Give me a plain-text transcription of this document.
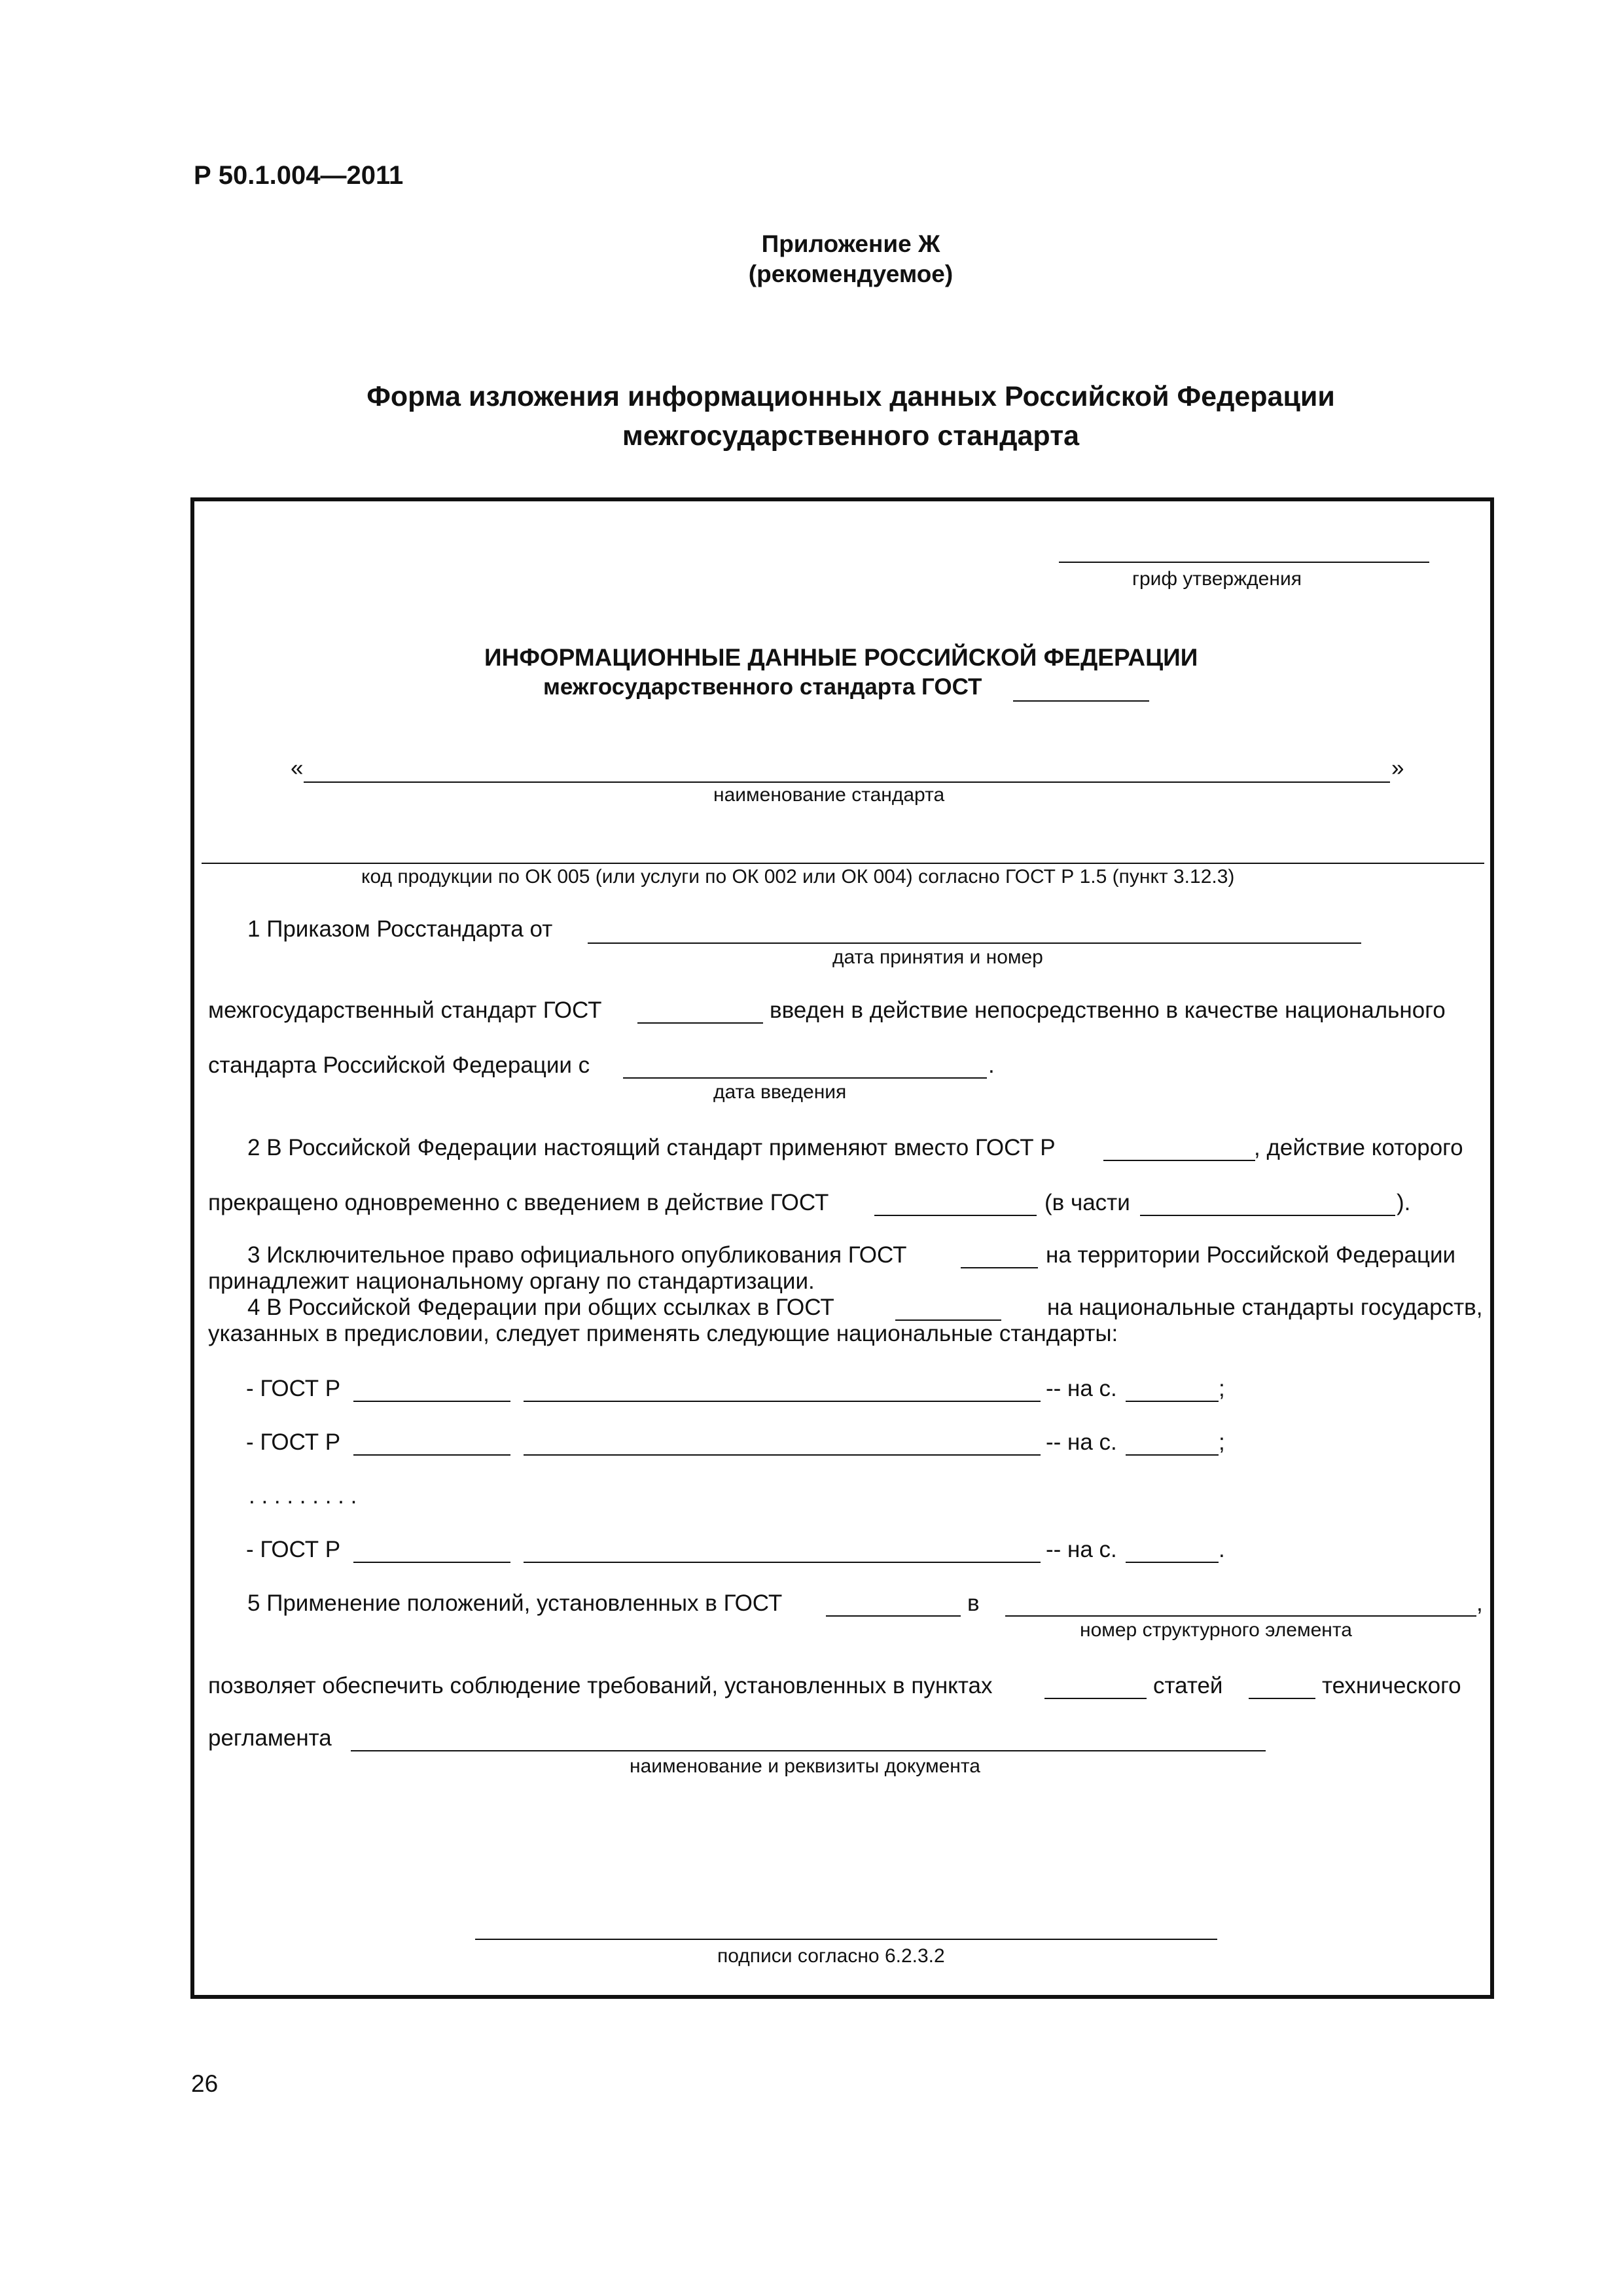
Р 50.1.004—2011
Приложение Ж
(рекомендуемое)
Форма изложения информационных данных Российской Федерации
межгосударственного стандарта
гриф утверждения
ИНФОРМАЦИОННЫЕ ДАННЫЕ РОССИЙСКОЙ ФЕДЕРАЦИИ
межгосударственного стандарта ГОСТ
«	»
наименование стандарта
код продукции по ОК 005 (или услуги по ОК 002 или ОК 004) согласно ГОСТ Р 1.5 (пункт 3.12.3)
1 Приказом Росстандарта от
дата принятия и номер
межгосударственный стандарт ГОСТ	введен в действие непосредственно в качестве национального
стандарта Российской Федерации с	.
дата введения
2 В Российской Федерации настоящий стандарт применяют вместо ГОСТ Р	, действие которого
прекращено одновременно с введением в действие ГОСТ	(в части	).
3 Исключительное право официального опубликования ГОСТ	на территории Российской Федерации
принадлежит национальному органу по стандартизации.
4 В Российской Федерации при общих ссылках в ГОСТ	на национальные стандарты государств,
указанных в предисловии, следует применять следующие национальные стандарты:
- ГОСТ Р	-- на с.	;
- ГОСТ Р	-- на с.	;
. . . . . . . . .
- ГОСТ Р	-- на с.	.
5 Применение положений, установленных в ГОСТ	в	,
номер структурного элемента
позволяет обеспечить соблюдение требований, установленных в пунктах	статей	технического
регламента
наименование и реквизиты документа
подписи согласно 6.2.3.2
26
